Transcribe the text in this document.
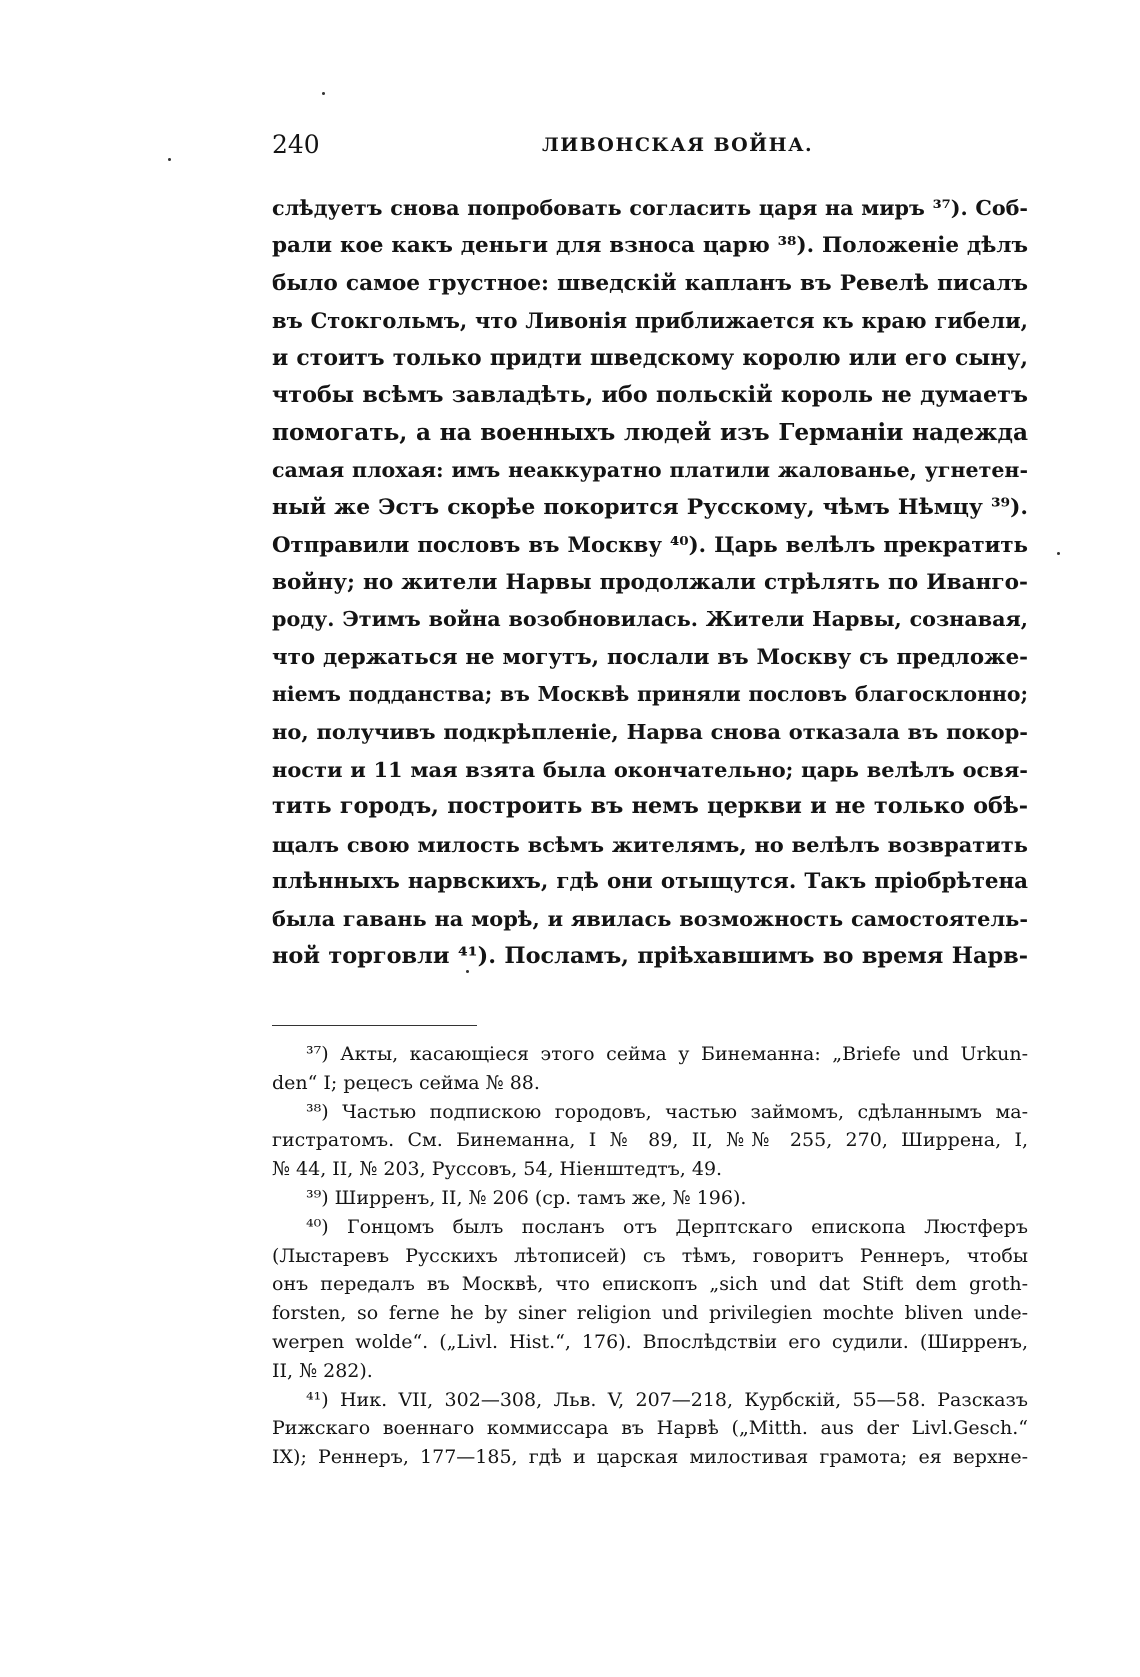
240	ЛИВОНСКАЯ ВОЙНА.
слѣдуетъ снова попробовать согласить царя на миръ ³⁷). Соб-
рали кое какъ деньги для взноса царю ³⁸). Положеніе дѣлъ
было самое грустное: шведскій капланъ въ Ревелѣ писалъ
въ Стокгольмъ, что Ливонія приближается къ краю гибели,
и стоитъ только придти шведскому королю или его сыну,
чтобы всѣмъ завладѣть, ибо польскій король не думаетъ
помогать, а на военныхъ людей изъ Германіи надежда
самая плохая: имъ неаккуратно платили жалованье, угнетен-
ный же Эстъ скорѣе покорится Русскому, чѣмъ Нѣмцу ³⁹).
Отправили пословъ въ Москву ⁴⁰). Царь велѣлъ прекратить
войну; но жители Нарвы продолжали стрѣлять по Иванго-
роду. Этимъ война возобновилась. Жители Нарвы, сознавая,
что держаться не могутъ, послали въ Москву съ предложе-
ніемъ подданства; въ Москвѣ приняли пословъ благосклонно;
но, получивъ подкрѣпленіе, Нарва снова отказала въ покор-
ности и 11 мая взята была окончательно; царь велѣлъ освя-
тить городъ, построить въ немъ церкви и не только обѣ-
щалъ свою милость всѣмъ жителямъ, но велѣлъ возвратить
плѣнныхъ нарвскихъ, гдѣ они отыщутся. Такъ пріобрѣтена
была гавань на морѣ, и явилась возможность самостоятель-
ной торговли ⁴¹). Посламъ, пріѣхавшимъ во время Нарв-
³⁷) Акты, касающіеся этого сейма у Бинеманна: „Briefe und Urkun-
den“ I; рецесъ сейма № 88.
³⁸) Частью подпискою городовъ, частью займомъ, сдѣланнымъ ма-
гистратомъ. См. Бинеманна, I № 89, II, №№ 255, 270, Ширрена, I,
№ 44, II, № 203, Руссовъ, 54, Ніенштедтъ, 49.
³⁹) Ширренъ, II, № 206 (ср. тамъ же, № 196).
⁴⁰) Гонцомъ былъ посланъ отъ Дерптскаго епископа Люстферъ
(Лыстаревъ Русскихъ лѣтописей) съ тѣмъ, говоритъ Реннеръ, чтобы
онъ передалъ въ Москвѣ, что епископъ „sich und dat Stift dem groth-
forsten, so ferne he by siner religion und privilegien mochte bliven unde-
werpen wolde“. („Livl. Hist.“, 176). Впослѣдствіи его судили. (Ширренъ,
II, № 282).
⁴¹) Ник. VII, 302—308, Льв. V, 207—218, Курбскій, 55—58. Разсказъ
Рижскаго военнаго коммиссара въ Нарвѣ („Mitth. aus der Livl.Gesch.“
IX); Реннеръ, 177—185, гдѣ и царская милостивая грамота; ея верхне-
